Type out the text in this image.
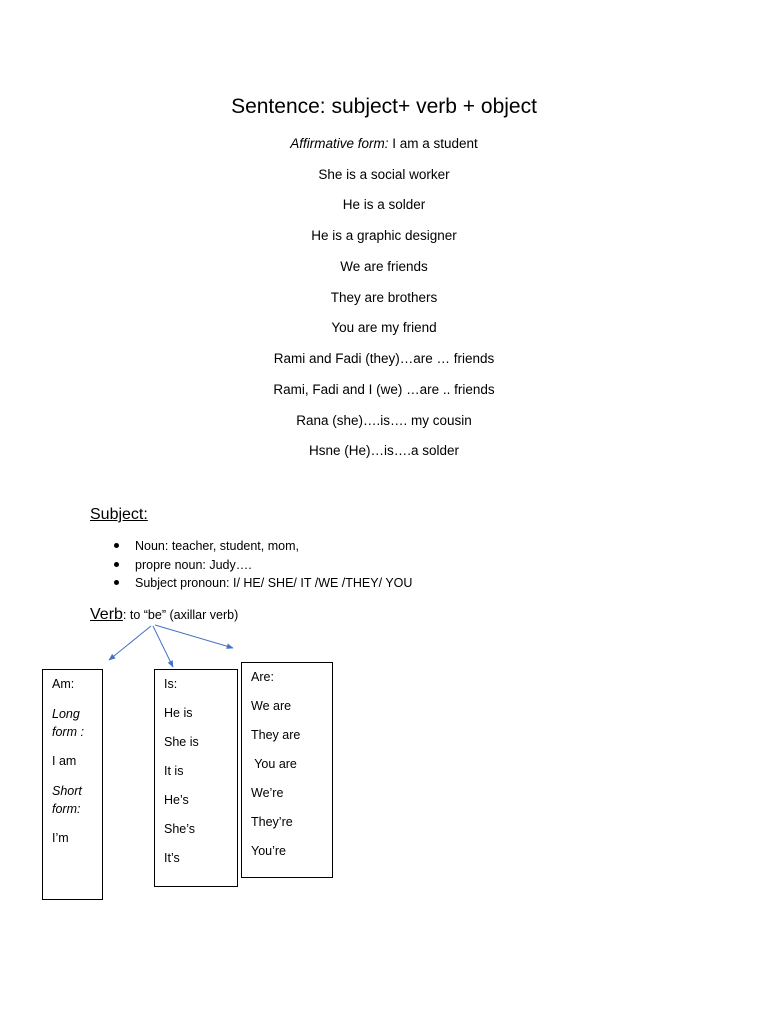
Sentence: subject+ verb + object
Affirmative form: I am a student
She is a social worker
He is a solder
He is a graphic designer
We are friends
They are brothers
You are my friend
Rami and Fadi (they)…are … friends
Rami, Fadi and I (we) …are .. friends
Rana (she)….is…. my cousin
Hsne (He)…is….a solder
Subject:
Noun: teacher, student, mom,
propre noun: Judy….
Subject pronoun: I/ HE/ SHE/ IT /WE /THEY/ YOU
Verb: to “be” (axillar verb)
Am:
Long
form :
I am
Short
form:
I’m
Is:
He is
She is
It is
He’s
She’s
It’s
Are:
We are
They are
You are
We’re
They’re
You’re
